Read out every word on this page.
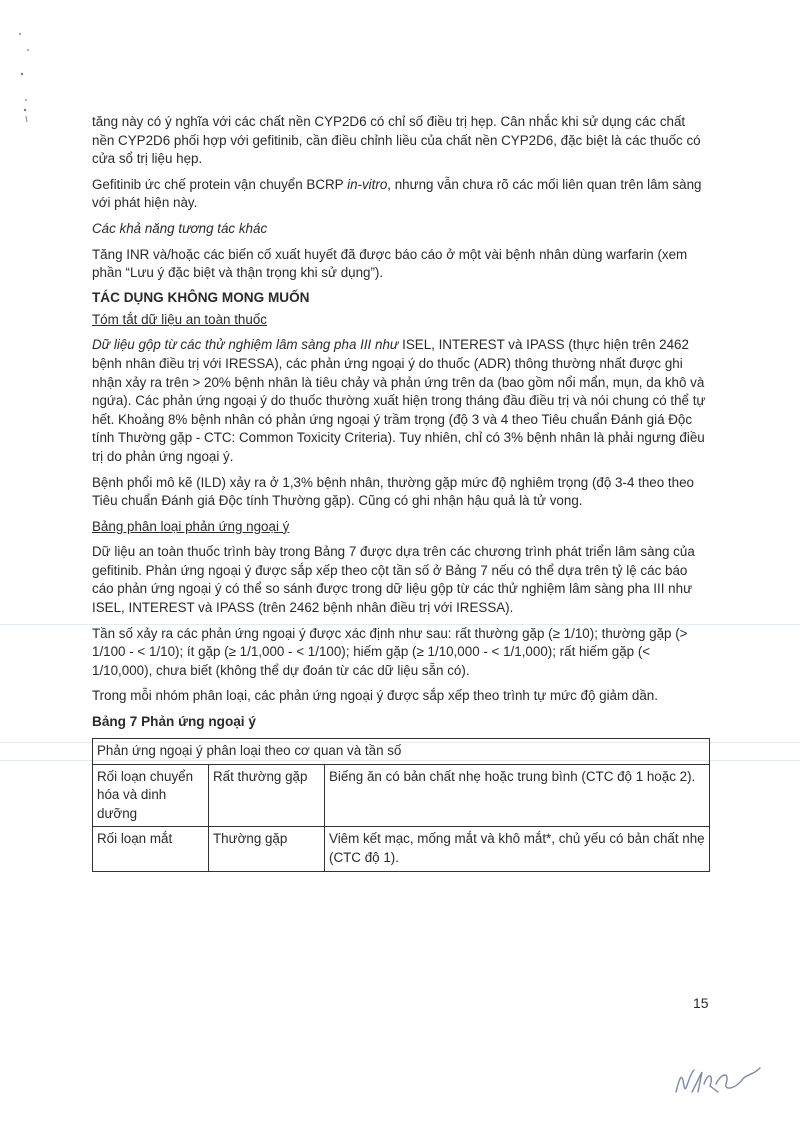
tăng này có ý nghĩa với các chất nền CYP2D6 có chỉ số điều trị hẹp. Cân nhắc khi sử dụng các chất nền CYP2D6 phối hợp với gefitinib, cần điều chỉnh liều của chất nền CYP2D6, đặc biệt là các thuốc có cửa sổ trị liệu hẹp.

Gefitinib ức chế protein vận chuyển BCRP in-vitro, nhưng vẫn chưa rõ các mối liên quan trên lâm sàng với phát hiện này.

Các khả năng tương tác khác

Tăng INR và/hoặc các biến cố xuất huyết đã được báo cáo ở một vài bệnh nhân dùng warfarin (xem phần “Lưu ý đặc biệt và thận trọng khi sử dụng”).

TÁC DỤNG KHÔNG MONG MUỐN

Tóm tắt dữ liệu an toàn thuốc

Dữ liệu gộp từ các thử nghiệm lâm sàng pha III như ISEL, INTEREST và IPASS (thực hiện trên 2462 bệnh nhân điều trị với IRESSA), các phản ứng ngoại ý do thuốc (ADR) thông thường nhất được ghi nhận xảy ra trên > 20% bệnh nhân là tiêu chảy và phản ứng trên da (bao gồm nổi mẩn, mụn, da khô và ngứa). Các phản ứng ngoại ý do thuốc thường xuất hiện trong tháng đầu điều trị và nói chung có thể tự hết. Khoảng 8% bệnh nhân có phản ứng ngoại ý trầm trọng (độ 3 và 4 theo Tiêu chuẩn Đánh giá Độc tính Thường gặp - CTC: Common Toxicity Criteria). Tuy nhiên, chỉ có 3% bệnh nhân là phải ngưng điều trị do phản ứng ngoại ý.

Bệnh phổi mô kẽ (ILD) xảy ra ở 1,3% bệnh nhân, thường gặp mức độ nghiêm trọng (độ 3-4 theo theo Tiêu chuẩn Đánh giá Độc tính Thường gặp). Cũng có ghi nhận hậu quả là tử vong.

Bảng phân loại phản ứng ngoại ý

Dữ liệu an toàn thuốc trình bày trong Bảng 7 được dựa trên các chương trình phát triển lâm sàng của gefitinib. Phản ứng ngoại ý được sắp xếp theo cột tần số ở Bảng 7 nếu có thể dựa trên tỷ lệ các báo cáo phản ứng ngoại ý có thể so sánh được trong dữ liệu gộp từ các thử nghiệm lâm sàng pha III như ISEL, INTEREST và IPASS (trên 2462 bệnh nhân điều trị với IRESSA).

Tần số xảy ra các phản ứng ngoại ý được xác định như sau: rất thường gặp (≥ 1/10); thường gặp (> 1/100 - < 1/10); ít gặp (≥ 1/1,000 - < 1/100); hiếm gặp (≥ 1/10,000 - < 1/1,000); rất hiếm gặp (< 1/10,000), chưa biết (không thể dự đoán từ các dữ liệu sẵn có).

Trong mỗi nhóm phân loại, các phản ứng ngoại ý được sắp xếp theo trình tự mức độ giảm dần.

Bảng 7 Phản ứng ngoại ý
Phản ứng ngoại ý phân loại theo cơ quan và tần số		
Rối loạn chuyển hóa và dinh dưỡng	Rất thường gặp	Biếng ăn có bản chất nhẹ hoặc trung bình (CTC độ 1 hoặc 2).
Rối loạn mắt	Thường gặp	Viêm kết mạc, mống mắt và khô mắt*, chủ yếu có bản chất nhẹ (CTC độ 1).
15
